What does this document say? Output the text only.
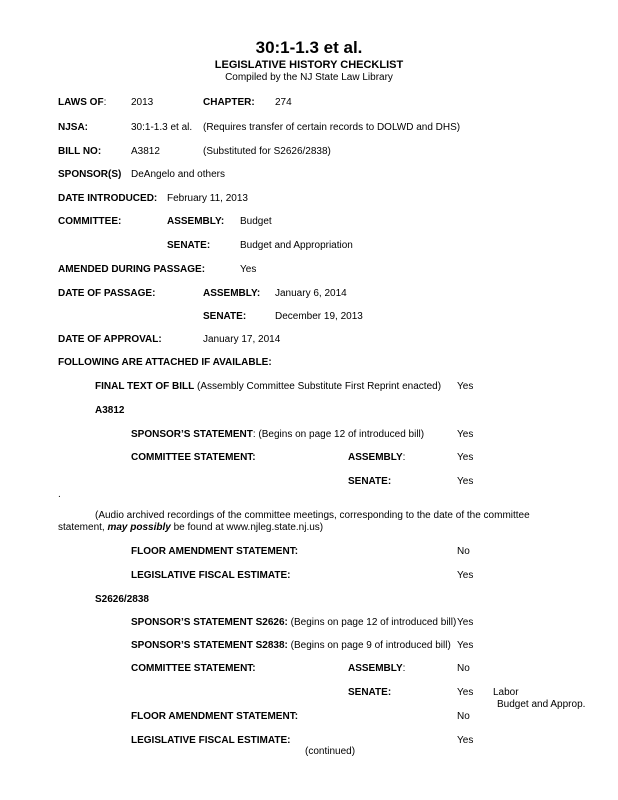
30:1-1.3 et al.
LEGISLATIVE HISTORY CHECKLIST
Compiled by the NJ State Law Library
LAWS OF: 2013	CHAPTER: 274
NJSA:	30:1-1.3 et al. (Requires transfer of certain records to DOLWD and DHS)
BILL NO:	A3812	(Substituted for S2626/2838)
SPONSOR(S) DeAngelo and others
DATE INTRODUCED: February 11, 2013
COMMITTEE:	ASSEMBLY: Budget
SENATE:	Budget and Appropriation
AMENDED DURING PASSAGE:	Yes
DATE OF PASSAGE:	ASSEMBLY: January 6, 2014
SENATE:	December 19, 2013
DATE OF APPROVAL:	January 17, 2014
FOLLOWING ARE ATTACHED IF AVAILABLE:
FINAL TEXT OF BILL (Assembly Committee Substitute First Reprint enacted) Yes
A3812
SPONSOR’S STATEMENT: (Begins on page 12 of introduced bill)	Yes
COMMITTEE STATEMENT:	ASSEMBLY:	Yes
SENATE:	Yes
.
(Audio archived recordings of the committee meetings, corresponding to the date of the committee statement, may possibly be found at www.njleg.state.nj.us)
FLOOR AMENDMENT STATEMENT:	No
LEGISLATIVE FISCAL ESTIMATE:	Yes
S2626/2838
SPONSOR’S STATEMENT S2626: (Begins on page 12 of introduced bill) Yes
SPONSOR’S STATEMENT S2838: (Begins on page 9 of introduced bill) Yes
COMMITTEE STATEMENT:	ASSEMBLY:	No
SENATE:	Yes Labor
Budget and Approp.
FLOOR AMENDMENT STATEMENT:	No
LEGISLATIVE FISCAL ESTIMATE:	Yes
(continued)
